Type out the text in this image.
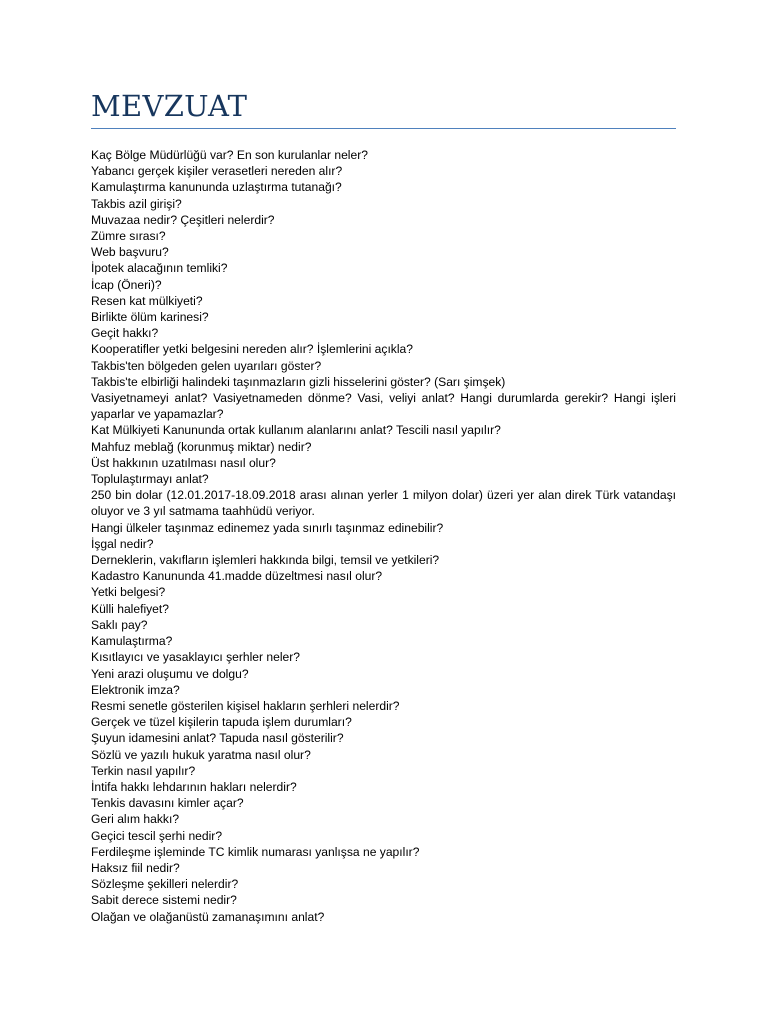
MEVZUAT
Kaç Bölge Müdürlüğü var? En son kurulanlar neler?
Yabancı gerçek kişiler verasetleri nereden alır?
Kamulaştırma kanununda uzlaştırma tutanağı?
Takbis azil girişi?
Muvazaa nedir? Çeşitleri nelerdir?
Zümre sırası?
Web başvuru?
İpotek alacağının temliki?
İcap (Öneri)?
Resen kat mülkiyeti?
Birlikte ölüm karinesi?
Geçit hakkı?
Kooperatifler yetki belgesini nereden alır? İşlemlerini açıkla?
Takbis'ten bölgeden gelen uyarıları göster?
Takbis'te elbirliği halindeki taşınmazların gizli hisselerini göster? (Sarı şimşek)
Vasiyetnameyi anlat? Vasiyetnameden dönme? Vasi, veliyi anlat? Hangi durumlarda gerekir? Hangi işleri yaparlar ve yapamazlar?
Kat Mülkiyeti Kanununda ortak kullanım alanlarını anlat? Tescili nasıl yapılır?
Mahfuz meblağ (korunmuş miktar) nedir?
Üst hakkının uzatılması nasıl olur?
Toplulaştırmayı anlat?
250 bin dolar (12.01.2017-18.09.2018 arası alınan yerler 1 milyon dolar) üzeri yer alan direk Türk vatandaşı oluyor ve 3 yıl satmama taahhüdü veriyor.
Hangi ülkeler taşınmaz edinemez yada sınırlı taşınmaz edinebilir?
İşgal nedir?
Derneklerin, vakıfların işlemleri hakkında bilgi, temsil ve yetkileri?
Kadastro Kanununda 41.madde düzeltmesi nasıl olur?
Yetki belgesi?
Külli halefiyet?
Saklı pay?
Kamulaştırma?
Kısıtlayıcı ve yasaklayıcı şerhler neler?
Yeni arazi oluşumu ve dolgu?
Elektronik imza?
Resmi senetle gösterilen kişisel hakların şerhleri nelerdir?
Gerçek ve tüzel kişilerin tapuda işlem durumları?
Şuyun idamesini anlat? Tapuda nasıl gösterilir?
Sözlü ve yazılı hukuk yaratma nasıl olur?
Terkin nasıl yapılır?
İntifa hakkı lehdarının hakları nelerdir?
Tenkis davasını kimler açar?
Geri alım hakkı?
Geçici tescil şerhi nedir?
Ferdileşme işleminde TC kimlik numarası yanlışsa ne yapılır?
Haksız fiil nedir?
Sözleşme şekilleri nelerdir?
Sabit derece sistemi nedir?
Olağan ve olağanüstü zamanaşımını anlat?
